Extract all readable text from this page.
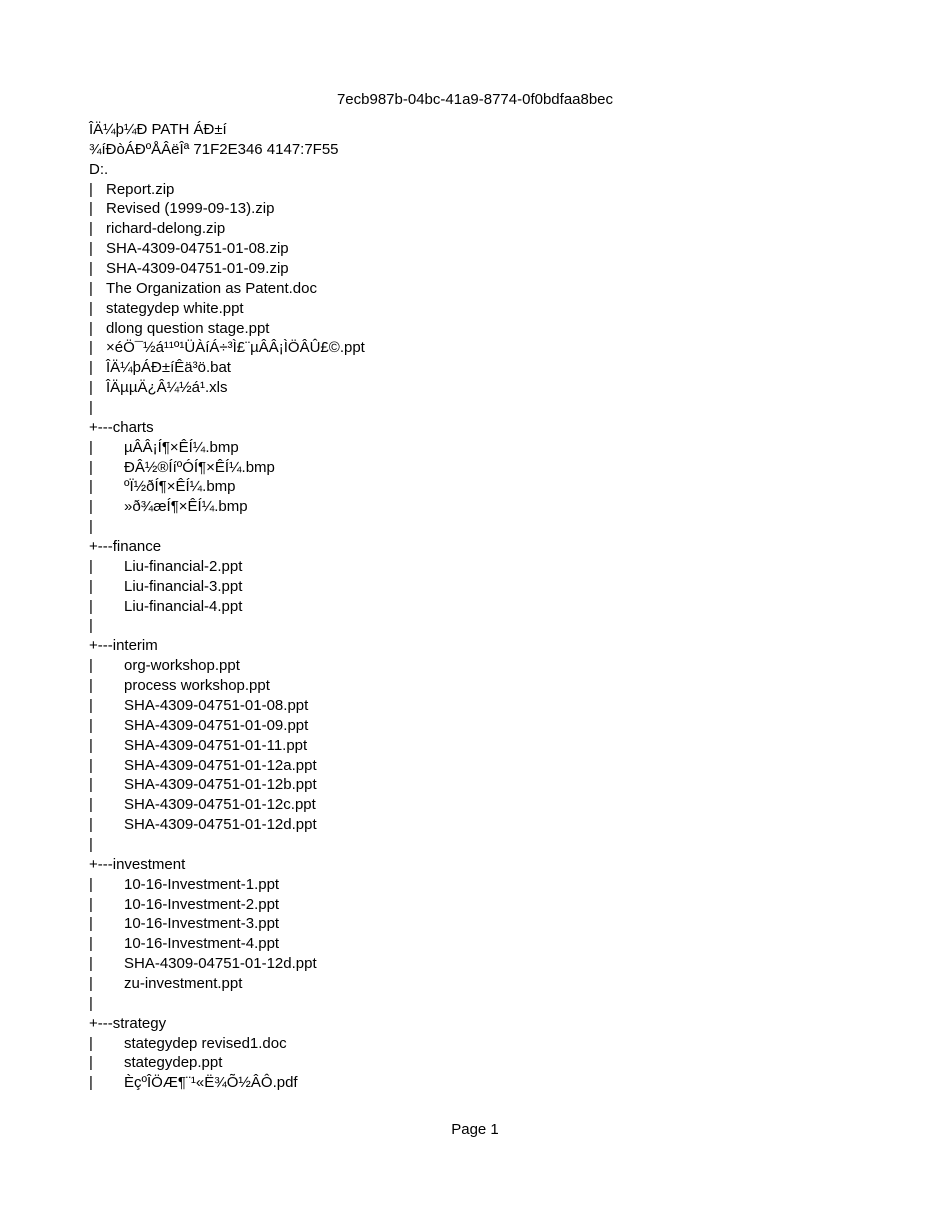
7ecb987b-04bc-41a9-8774-0f0bdfaa8bec
ÎÄ¼þ¼Ð PATH ÁÐ±í
¾íÐòÁÐºÅÂëÎª 71F2E346 4147:7F55
D:.
| Report.zip
| Revised (1999-09-13).zip
| richard-delong.zip
| SHA-4309-04751-01-08.zip
| SHA-4309-04751-01-09.zip
| The Organization as Patent.doc
| stategydep white.ppt
| dlong question stage.ppt
| ×éÖ¯½á¹¹º¹ÜÀíÁ÷³Ì£¨µÂÂ¡ÌÖÂÛ£©.ppt
| ÎÄ¼þÁÐ±íÊä³ö.bat
| ÎÄµµÄ¿Â¼½á¹.xls
|
+---charts
| µÂÂ¡Í¶×ÊÍ¼.bmp
| ÐÂ½®ÍíºÓÍ¶×ÊÍ¼.bmp
| ºÏ½ðÍ¶×ÊÍ¼.bmp
| »ð¾æÍ¶×ÊÍ¼.bmp
|
+---finance
| Liu-financial-2.ppt
| Liu-financial-3.ppt
| Liu-financial-4.ppt
|
+---interim
| org-workshop.ppt
| process workshop.ppt
| SHA-4309-04751-01-08.ppt
| SHA-4309-04751-01-09.ppt
| SHA-4309-04751-01-11.ppt
| SHA-4309-04751-01-12a.ppt
| SHA-4309-04751-01-12b.ppt
| SHA-4309-04751-01-12c.ppt
| SHA-4309-04751-01-12d.ppt
|
+---investment
| 10-16-Investment-1.ppt
| 10-16-Investment-2.ppt
| 10-16-Investment-3.ppt
| 10-16-Investment-4.ppt
| SHA-4309-04751-01-12d.ppt
| zu-investment.ppt
|
+---strategy
| stategydep revised1.doc
| stategydep.ppt
| ÈçºÎÖÆ¶¨¹«Ë¾Õ½ÂÔ.pdf
Page 1
